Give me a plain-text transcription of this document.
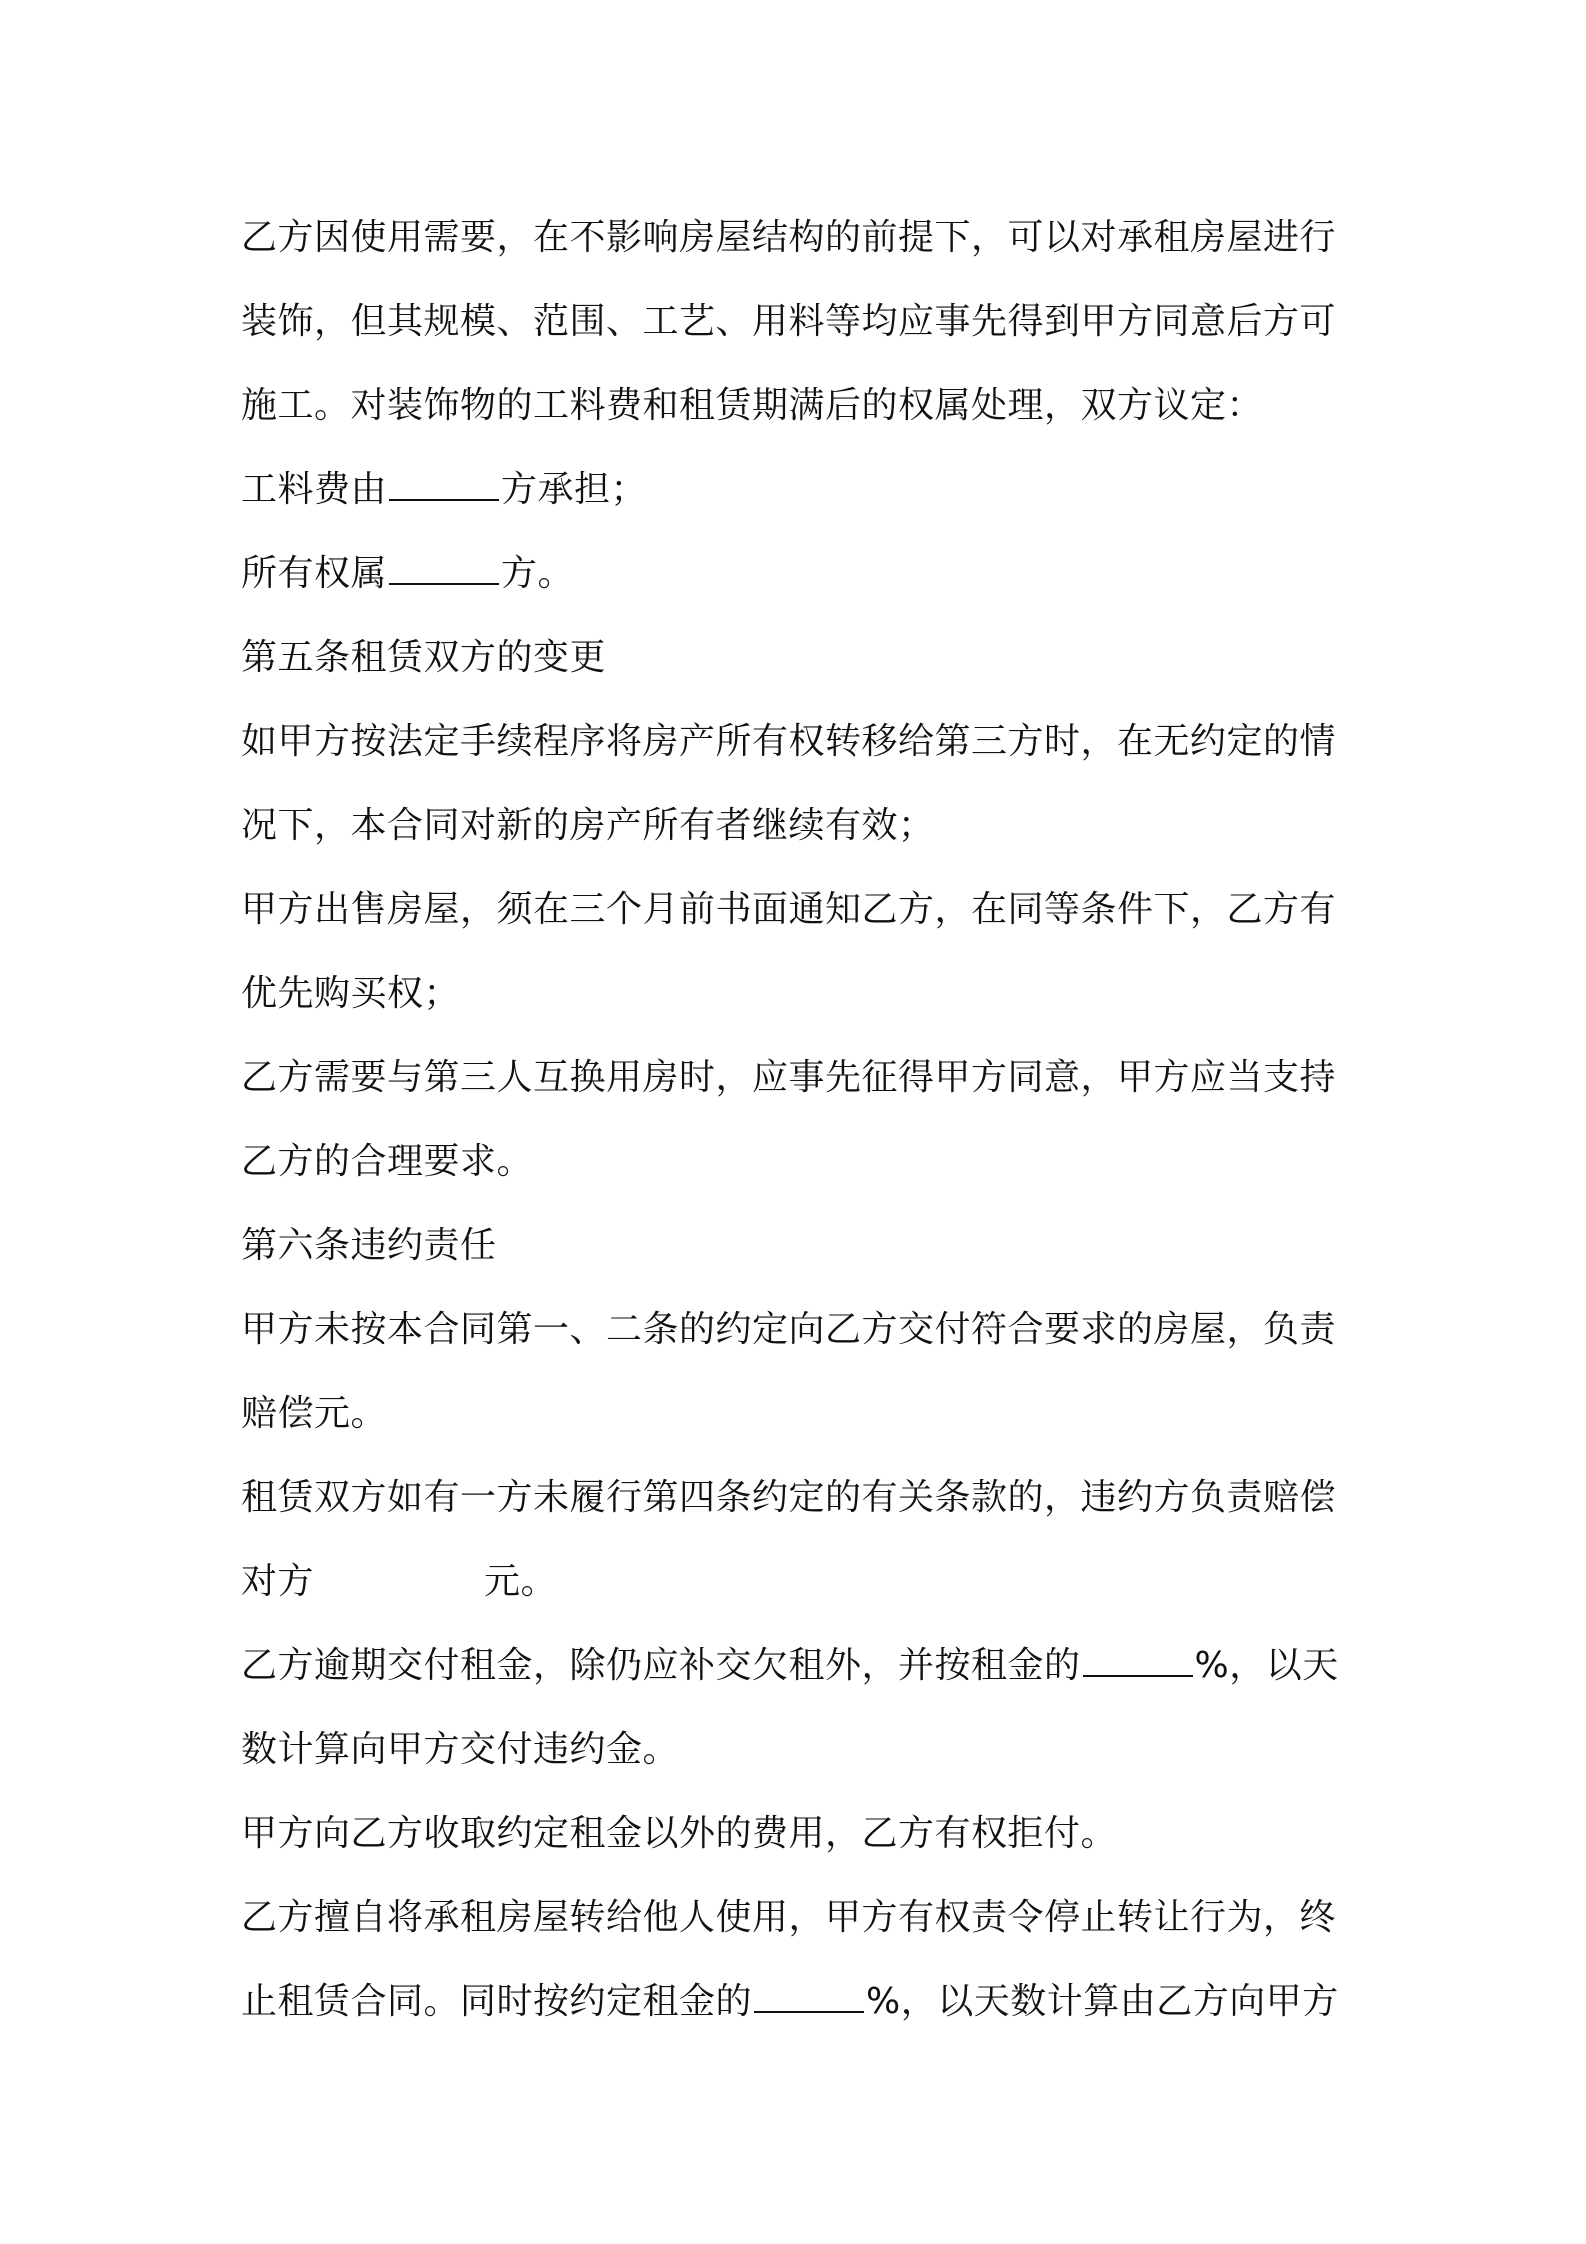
乙方因使用需要，在不影响房屋结构的前提下，可以对承租房屋进行
装饰，但其规模、范围、工艺、用料等均应事先得到甲方同意后方可
施工。对装饰物的工料费和租赁期满后的权属处理，双方议定：
工料费由	方承担；
所有权属	方。
第五条租赁双方的变更
如甲方按法定手续程序将房产所有权转移给第三方时，在无约定的情
况下，本合同对新的房产所有者继续有效；
甲方出售房屋，须在三个月前书面通知乙方，在同等条件下，乙方有
优先购买权；
乙方需要与第三人互换用房时，应事先征得甲方同意，甲方应当支持
乙方的合理要求。
第六条违约责任
甲方未按本合同第一、二条的约定向乙方交付符合要求的房屋，负责
赔偿元。
租赁双方如有一方未履行第四条约定的有关条款的，违约方负责赔偿
对方	元。
乙方逾期交付租金，除仍应补交欠租外，并按租金的	%，以天
数计算向甲方交付违约金。
甲方向乙方收取约定租金以外的费用，乙方有权拒付。
乙方擅自将承租房屋转给他人使用，甲方有权责令停止转让行为，终
止租赁合同。同时按约定租金的	%，以天数计算由乙方向甲方
